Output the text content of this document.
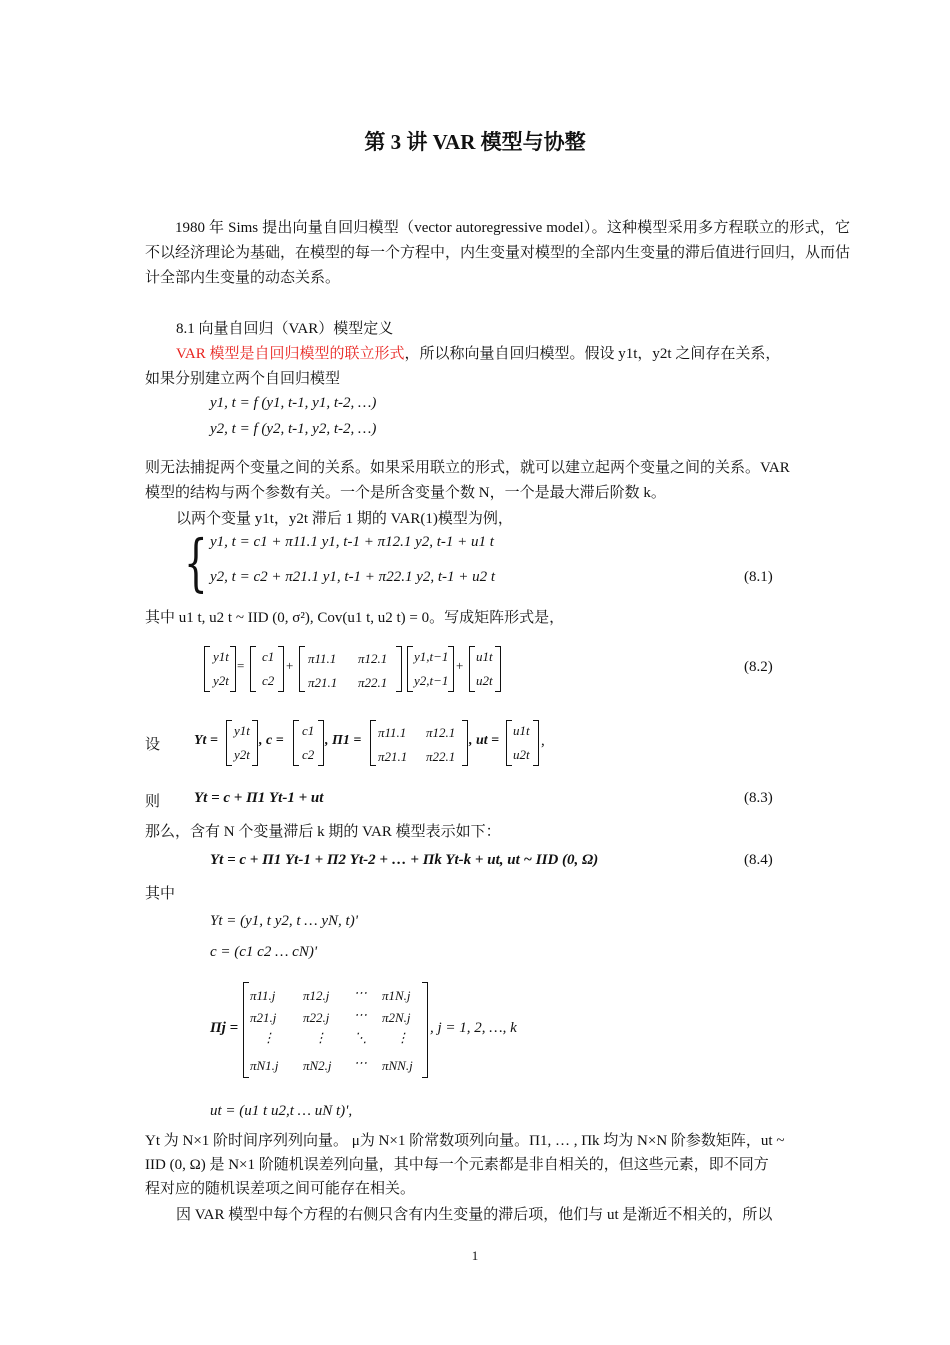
第 3 讲 VAR 模型与协整
1980 年 Sims 提出向量自回归模型（vector autoregressive model）。这种模型采用多方程联立的形式，它不以经济理论为基础，在模型的每一个方程中，内生变量对模型的全部内生变量的滞后值进行回归，从而估计全部内生变量的动态关系。
8.1 向量自回归（VAR）模型定义
VAR 模型是自回归模型的联立形式，所以称向量自回归模型。假设 y1t，y2t 之间存在关系，
如果分别建立两个自回归模型
y1, t = f (y1, t-1, y1, t-2, …)
y2, t = f (y2, t-1, y2, t-2, …)
则无法捕捉两个变量之间的关系。如果采用联立的形式，就可以建立起两个变量之间的关系。VAR
模型的结构与两个参数有关。一个是所含变量个数 N，一个是最大滞后阶数 k。
以两个变量 y1t，y2t 滞后 1 期的 VAR(1)模型为例，
{ y1, t = c1 + π11.1 y1, t-1 + π12.1 y2, t-1 + u1 t
y2, t = c2 + π21.1 y1, t-1 + π22.1 y2, t-1 + u2 t	(8.1)
其中 u1 t, u2 t ~ IID (0, σ²), Cov(u1 t, u2 t) = 0。写成矩阵形式是，
y1t
y2t
=
c1
c2
+ π11.1 π12.1
π21.1 π22.1
y1,t−1
y2,t−1
+
u1t
u2t
(8.2)
设 Yt =
y1t
y2t
, c =
c1
c2
, Π1 =
π11.1 π12.1
π21.1 π22.1
, ut =
u1t
u2t
,
则 Yt = c + Π1 Yt-1 + ut	(8.3)
那么，含有 N 个变量滞后 k 期的 VAR 模型表示如下：
Yt = c + Π1 Yt-1 + Π2 Yt-2 + … + Πk Yt-k + ut, ut ~ IID (0, Ω)	(8.4)
其中
Yt = (y1, t y2, t … yN, t)'
c = (c1 c2 … cN)'
Πj =
π11.j π12.j ⋯ π1N.j
π21.j π22.j ⋯ π2N.j
⋮	⋮ ⋱ ⋮
πN1.j πN2.j ⋯ πNN.j
, j = 1, 2, …, k
ut = (u1 t u2,t … uN t)',
Yt 为 N×1 阶时间序列列向量。 μ为 N×1 阶常数项列向量。Π1, … , Πk 均为 N×N 阶参数矩阵，ut ~
IID (0, Ω) 是 N×1 阶随机误差列向量，其中每一个元素都是非自相关的，但这些元素，即不同方
程对应的随机误差项之间可能存在相关。
因 VAR 模型中每个方程的右侧只含有内生变量的滞后项，他们与 ut 是渐近不相关的，所以
1
